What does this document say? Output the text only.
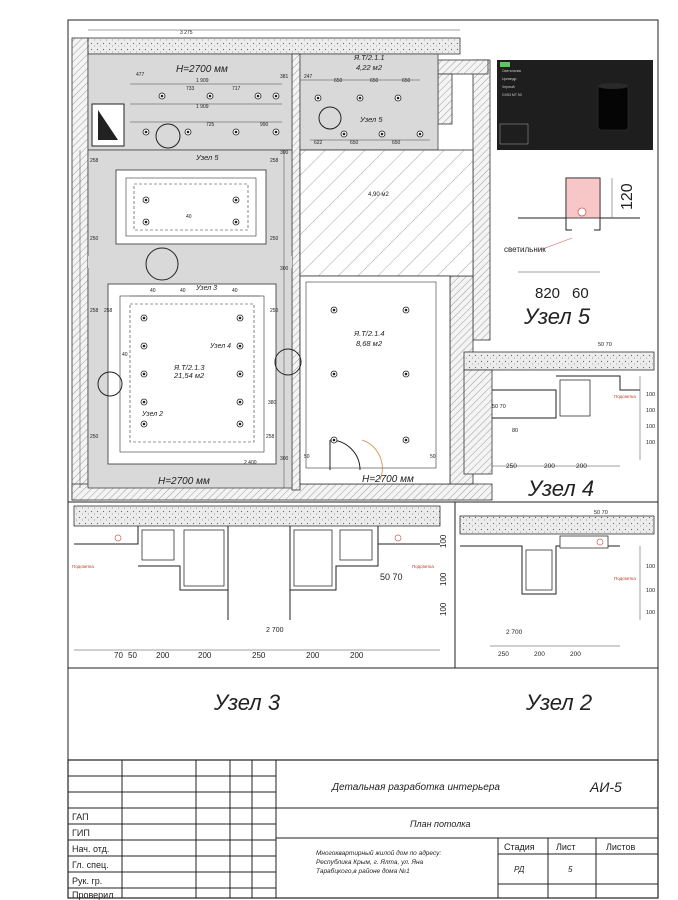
H=2700 мм
H=2700 мм	H=2700 мм
Я.Т/2.1.1
4,22 м2
Я.Т/2.1.3
21,54 м2
Я.Т/2.1.4
8,68 м2
4,90 м2
Узел 5
Узел 5
Узел 3
Узел 4
Узел 2
3 275
1 909
733	717
1 909
725	990
477
650	650	650
622	650	650
381	247
258
250	250
258
258
250
250
258
258
40	40	40
40
40
50	50
380
300
300
300
2 400
Светильник
Цилиндр
Черный
GX53 MT 50
120
820 60
светильник
Узел 5
50 70
250	200	200
100
100
100
100
50 70
80
Подсветка
Узел 4
Подсветка	Подсветка
2 700
50 70
100
100
100
70 50 200	200	250	200	200
Узел 3
50 70
Подсветка
2 700
250	200	200
100
100
100
Узел 2
ГАП
ГИП
Нач. отд.
Гл. спец.
Рук. гр.
Проверил
Детальная разработка интерьера	АИ-5
План потолка
Многоквартирный жилой дом по адресу:
Республика Крым, г. Ялта, ул. Яна
Тарабцкого,в районе дома №1
Стадия Лист	Листов
РД	5
